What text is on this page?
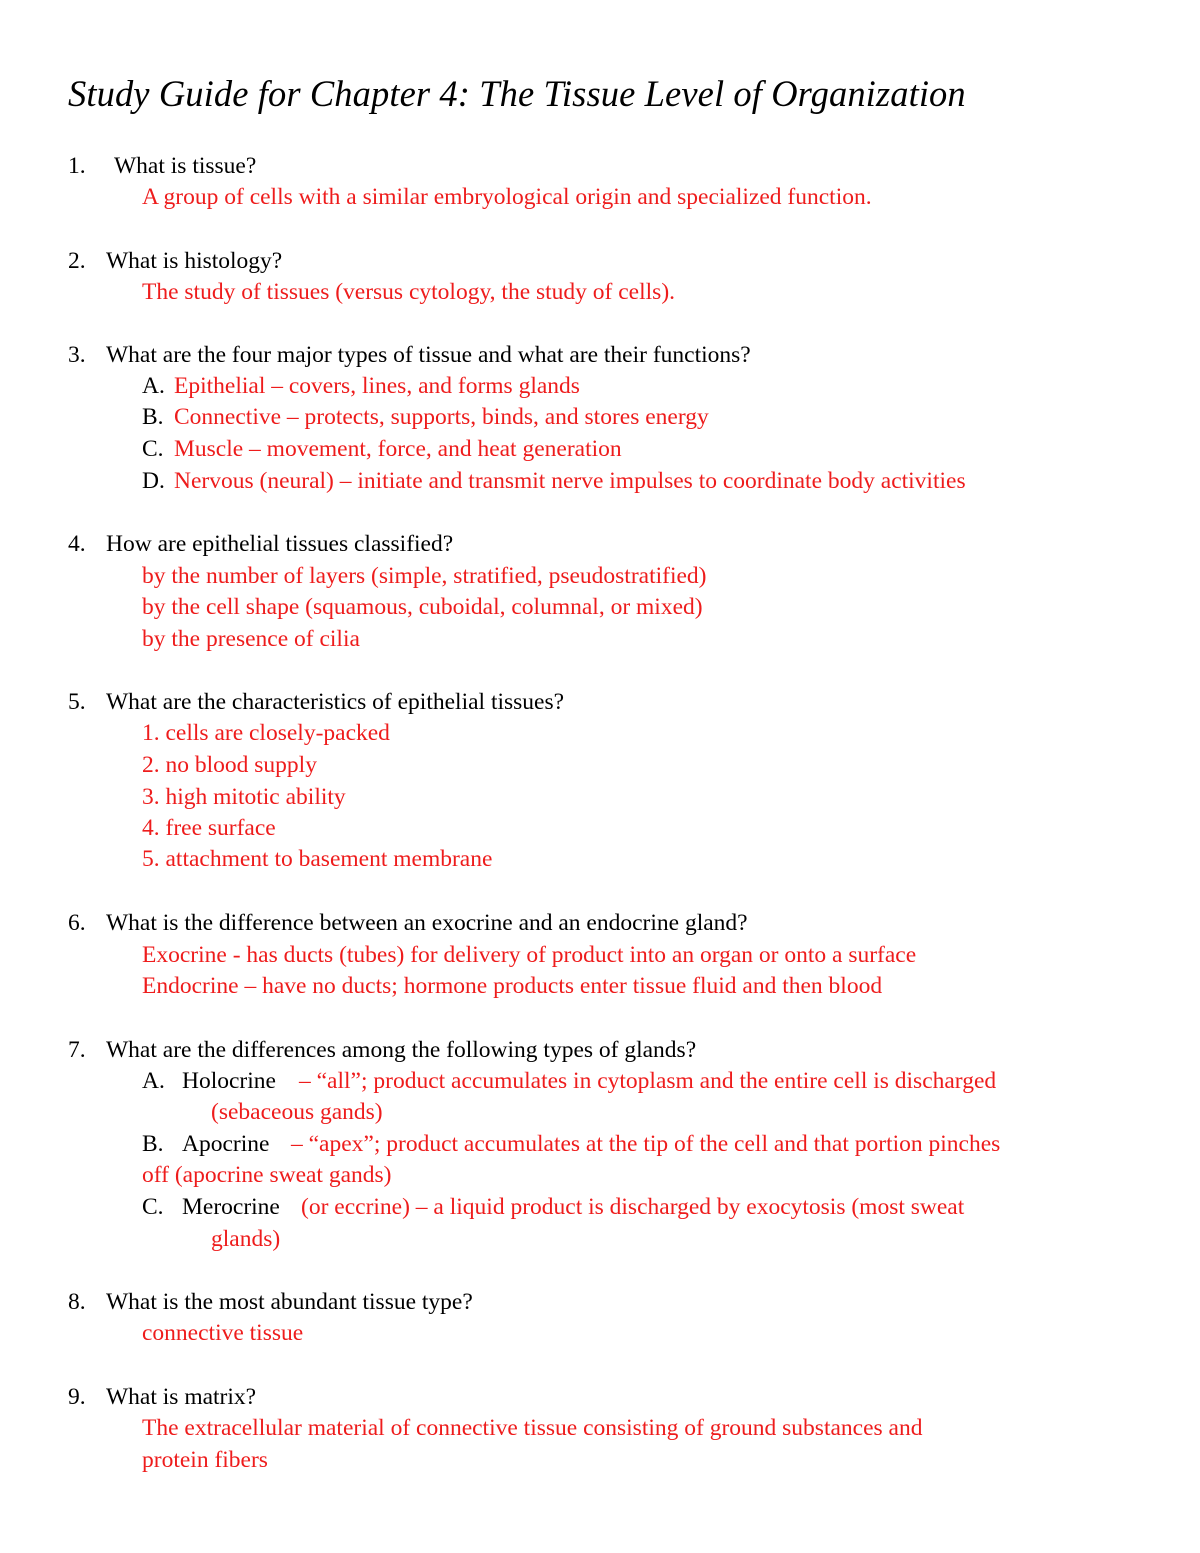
Study Guide for Chapter 4: The Tissue Level of Organization
1. What is tissue?
A group of cells with a similar embryological origin and specialized function.
2. What is histology?
The study of tissues (versus cytology, the study of cells).
3. What are the four major types of tissue and what are their functions?
A. Epithelial – covers, lines, and forms glands
B. Connective – protects, supports, binds, and stores energy
C. Muscle – movement, force, and heat generation
D. Nervous (neural) – initiate and transmit nerve impulses to coordinate body activities
4. How are epithelial tissues classified?
by the number of layers (simple, stratified, pseudostratified)
by the cell shape (squamous, cuboidal, columnal, or mixed)
by the presence of cilia
5. What are the characteristics of epithelial tissues?
1. cells are closely-packed
2. no blood supply
3. high mitotic ability
4. free surface
5. attachment to basement membrane
6. What is the difference between an exocrine and an endocrine gland?
Exocrine - has ducts (tubes) for delivery of product into an organ or onto a surface
Endocrine – have no ducts; hormone products enter tissue fluid and then blood
7. What are the differences among the following types of glands?
A. Holocrine – “all”; product accumulates in cytoplasm and the entire cell is discharged
(sebaceous gands)
B. Apocrine – “apex”; product accumulates at the tip of the cell and that portion pinches
off (apocrine sweat gands)
C. Merocrine (or eccrine) – a liquid product is discharged by exocytosis (most sweat
glands)
8. What is the most abundant tissue type?
connective tissue
9. What is matrix?
The extracellular material of connective tissue consisting of ground substances and
protein fibers
